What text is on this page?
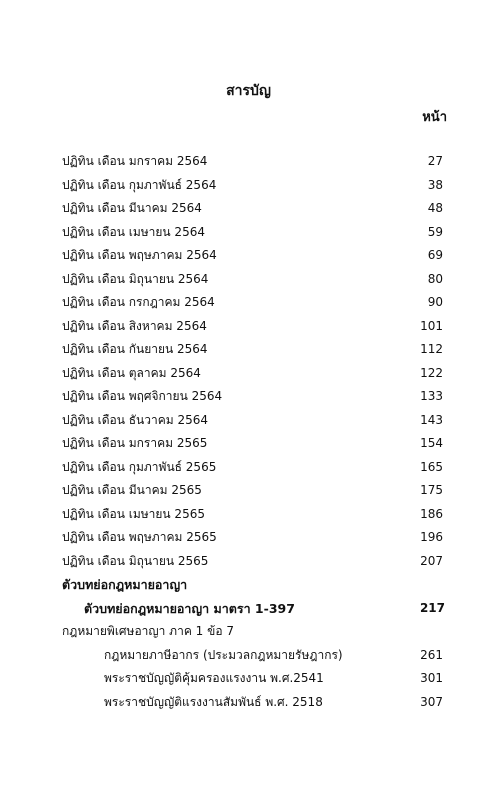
สารบัญ
หน้า
ปฏิทิน เดือน มกราคม 2564	27
ปฏิทิน เดือน กุมภาพันธ์ 2564	38
ปฏิทิน เดือน มีนาคม 2564	48
ปฏิทิน เดือน เมษายน 2564	59
ปฏิทิน เดือน พฤษภาคม 2564	69
ปฏิทิน เดือน มิถุนายน 2564	80
ปฏิทิน เดือน กรกฎาคม 2564	90
ปฏิทิน เดือน สิงหาคม 2564	101
ปฏิทิน เดือน กันยายน 2564	112
ปฏิทิน เดือน ตุลาคม 2564	122
ปฏิทิน เดือน พฤศจิกายน 2564	133
ปฏิทิน เดือน ธันวาคม 2564	143
ปฏิทิน เดือน มกราคม 2565	154
ปฏิทิน เดือน กุมภาพันธ์ 2565	165
ปฏิทิน เดือน มีนาคม 2565	175
ปฏิทิน เดือน เมษายน 2565	186
ปฏิทิน เดือน พฤษภาคม 2565	196
ปฏิทิน เดือน มิถุนายน 2565	207
ตัวบทย่อกฎหมายอาญา
ตัวบทย่อกฎหมายอาญา มาตรา 1-397	217
กฎหมายพิเศษอาญา ภาค 1 ข้อ 7
กฎหมายภาษีอากร (ประมวลกฎหมายรัษฎากร)	261
พระราชบัญญัติคุ้มครองแรงงาน พ.ศ.2541	301
พระราชบัญญัติแรงงานสัมพันธ์ พ.ศ. 2518	307
